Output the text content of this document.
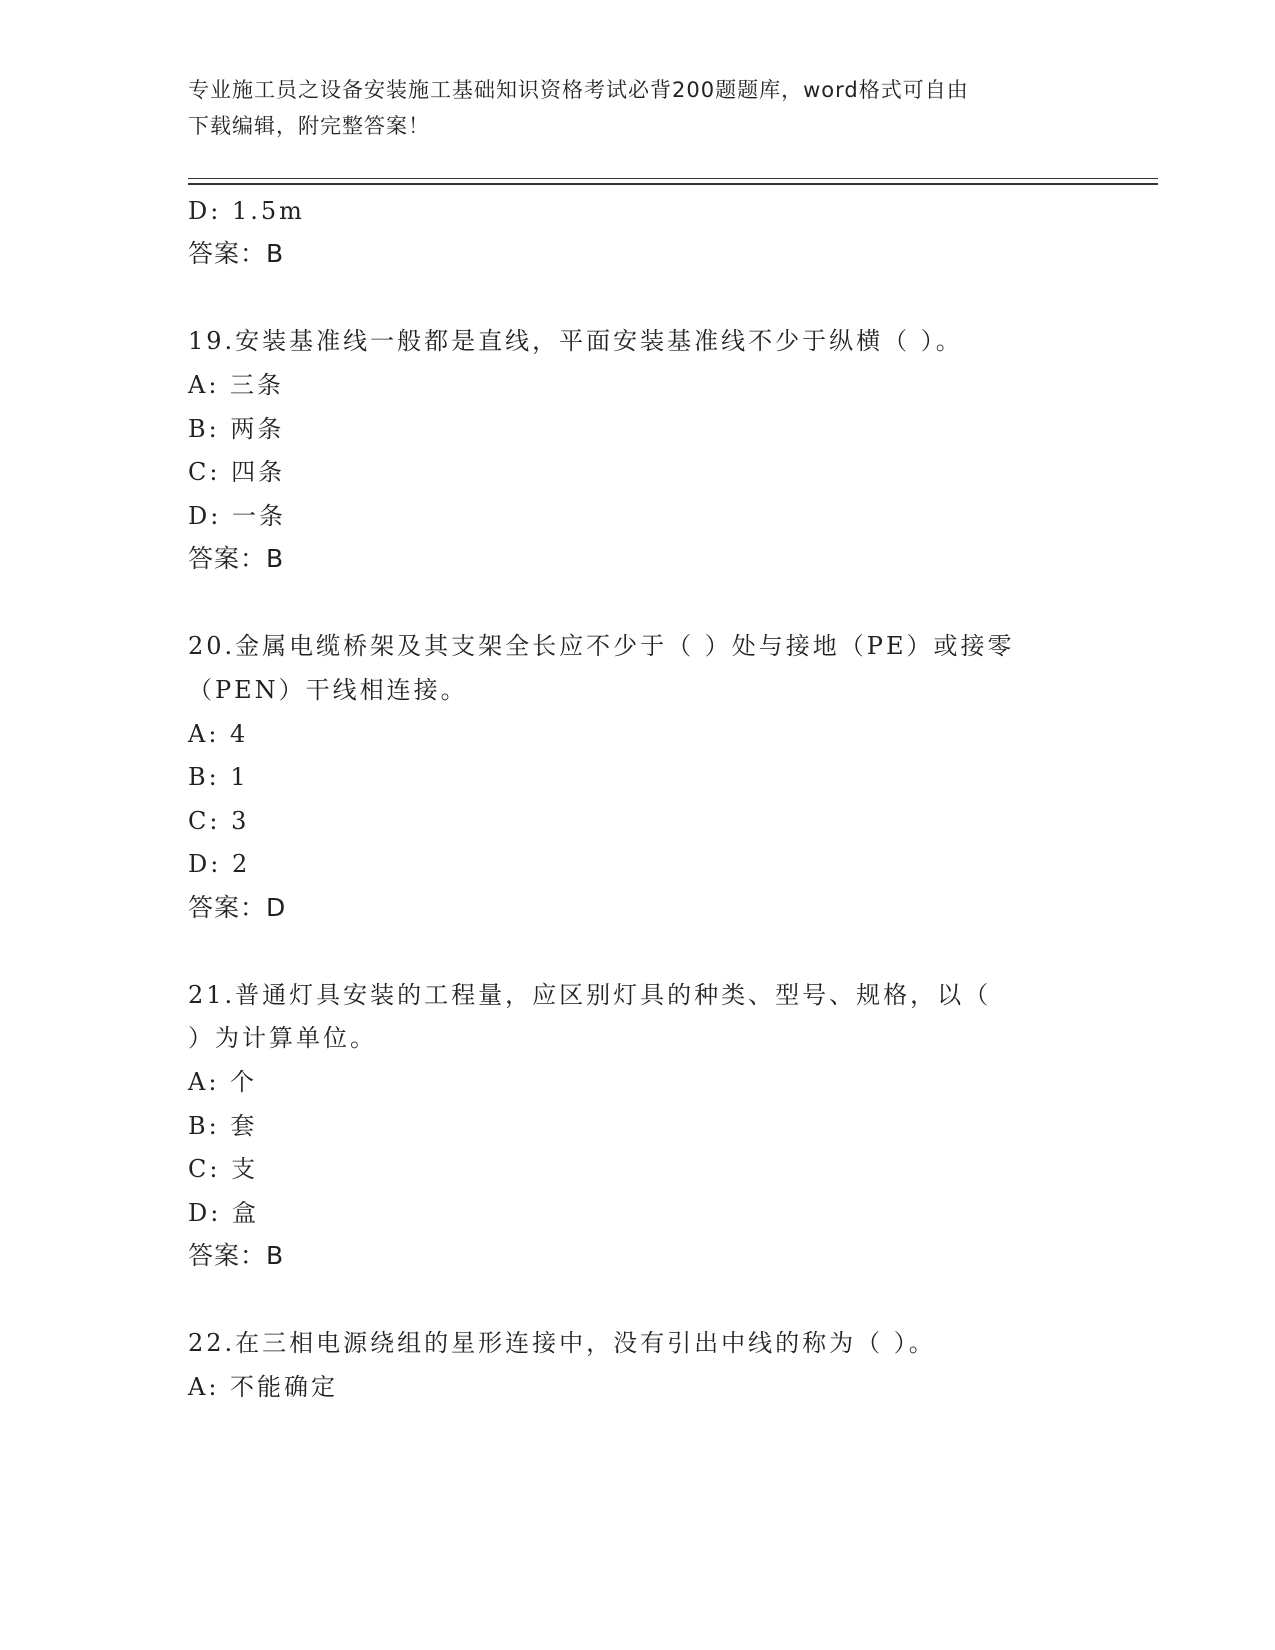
专业施工员之设备安装施工基础知识资格考试必背200题题库，word格式可自由
下载编辑，附完整答案！
D: 1.5m
答案：B
19.安装基准线一般都是直线，平面安装基准线不少于纵横（ ）。
A: 三条
B: 两条
C: 四条
D: 一条
答案：B
20.金属电缆桥架及其支架全长应不少于（ ）处与接地（PE）或接零
（PEN）干线相连接。
A: 4
B: 1
C: 3
D: 2
答案：D
21.普通灯具安装的工程量，应区别灯具的种类、型号、规格，以（
）为计算单位。
A: 个
B: 套
C: 支
D: 盒
答案：B
22.在三相电源绕组的星形连接中，没有引出中线的称为（ ）。
A: 不能确定
